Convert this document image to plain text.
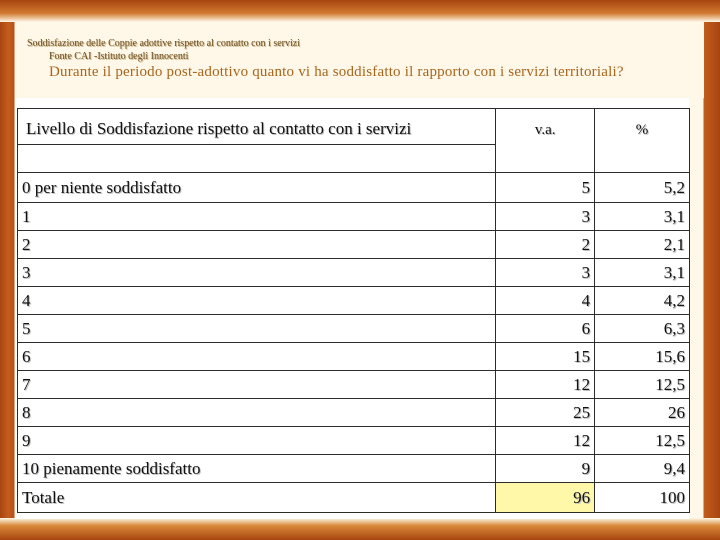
Soddisfazione delle Coppie adottive rispetto al contatto con i servizi
Fonte CAI -Istituto degli Innocenti
Durante il periodo post-adottivo quanto vi ha soddisfatto il rapporto con i servizi territoriali?
Livello di Soddisfazione rispetto al contatto con i servizi	v.a.	%

0 per niente soddisfatto	5	5,2
1	3	3,1
2	2	2,1
3	3	3,1
4	4	4,2
5	6	6,3
6	15	15,6
7	12	12,5
8	25	26
9	12	12,5
10 pienamente soddisfatto	9	9,4
Totale	96	100
